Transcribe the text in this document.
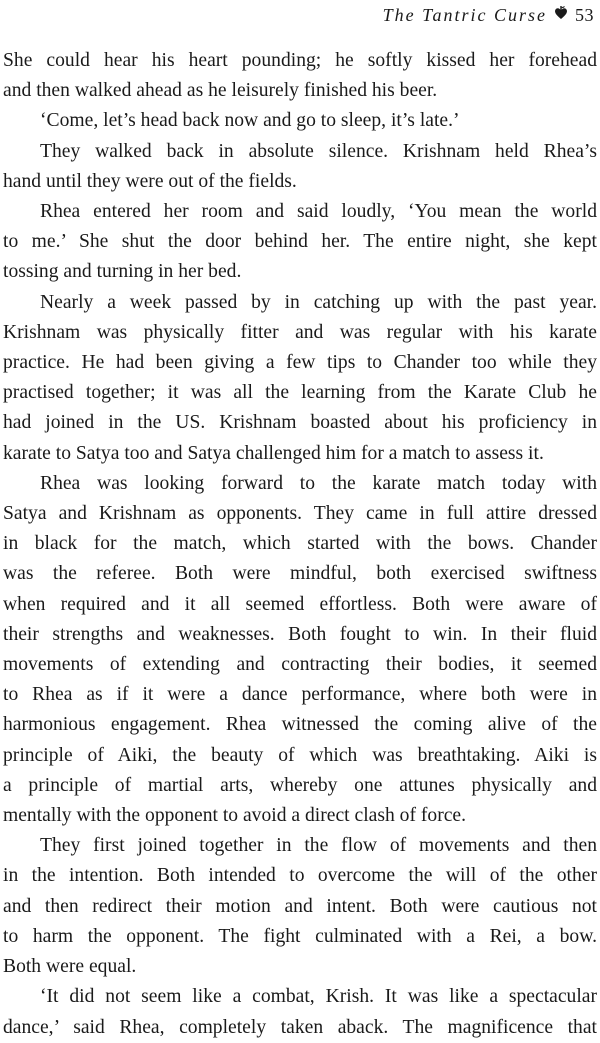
The Tantric Curse 53
She could hear his heart pounding; he softly kissed her forehead
and then walked ahead as he leisurely finished his beer.
‘Come, let’s head back now and go to sleep, it’s late.’
They walked back in absolute silence. Krishnam held Rhea’s
hand until they were out of the fields.
Rhea entered her room and said loudly, ‘You mean the world
to me.’ She shut the door behind her. The entire night, she kept
tossing and turning in her bed.
Nearly a week passed by in catching up with the past year.
Krishnam was physically fitter and was regular with his karate
practice. He had been giving a few tips to Chander too while they
practised together; it was all the learning from the Karate Club he
had joined in the US. Krishnam boasted about his proficiency in
karate to Satya too and Satya challenged him for a match to assess it.
Rhea was looking forward to the karate match today with
Satya and Krishnam as opponents. They came in full attire dressed
in black for the match, which started with the bows. Chander
was the referee. Both were mindful, both exercised swiftness
when required and it all seemed effortless. Both were aware of
their strengths and weaknesses. Both fought to win. In their fluid
movements of extending and contracting their bodies, it seemed
to Rhea as if it were a dance performance, where both were in
harmonious engagement. Rhea witnessed the coming alive of the
principle of Aiki, the beauty of which was breathtaking. Aiki is
a principle of martial arts, whereby one attunes physically and
mentally with the opponent to avoid a direct clash of force.
They first joined together in the flow of movements and then
in the intention. Both intended to overcome the will of the other
and then redirect their motion and intent. Both were cautious not
to harm the opponent. The fight culminated with a Rei, a bow.
Both were equal.
‘It did not seem like a combat, Krish. It was like a spectacular
dance,’ said Rhea, completely taken aback. The magnificence that
